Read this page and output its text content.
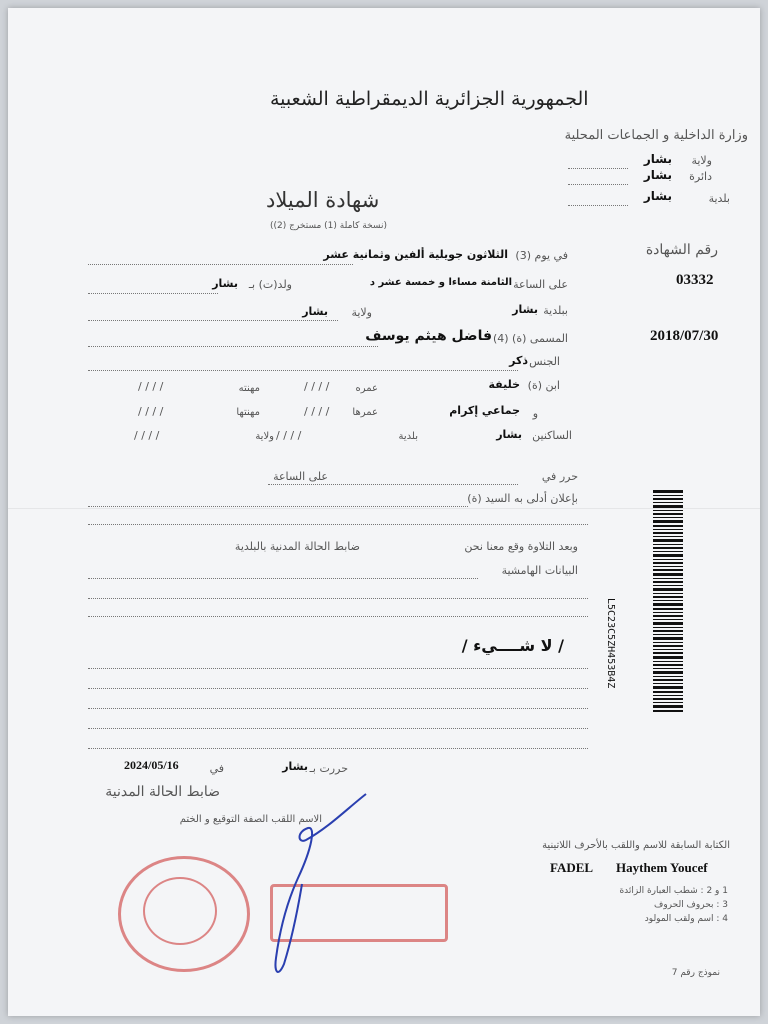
الجمهورية الجزائرية الديمقراطية الشعبية
وزارة الداخلية و الجماعات المحلية
ولاية
بشار
دائرة
بشار
بلدية
بشار
شهادة الميلاد
(نسخة كاملة (1) مستخرج (2))
رقم الشهادة
03332
2018/07/30
في يوم (3)
الثلاثون جويلية ألفين وثمانية عشر
على الساعة
الثامنة مساءا و خمسة عشر د
ولد(ت) بـ
بشار
ببلدية
بشار
ولاية
بشار
المسمى (ة) (4)
فاضل هيثم يوسف
الجنس
ذكر
ابن (ة)
خليفة
عمره
/ / / /
مهنته
/ / / /
و
جماعي إكرام
عمرها
/ / / /
مهنتها
/ / / /
الساكنين
بشار
بلدية
/ / / /
ولاية
/ / / /
حرر في
على الساعة
بإعلان أدلى به السيد (ة)
وبعد التلاوة وقع معنا نحن
ضابط الحالة المدنية بالبلدية
البيانات الهامشية
/ لا شــــيء /
حررت بـ
بشار
في
2024/05/16
ضابط الحالة المدنية
الاسم اللقب الصفة التوقيع و الختم
الكتابة السابقة للاسم واللقب بالأحرف اللاتينية
FADEL Haythem Youcef
1 و 2 : شطب العبارة الزائدة
3 : بحروف الحروف
4 : اسم ولقب المولود
نموذج رقم 7
L5C23C5ZH453B4Z
